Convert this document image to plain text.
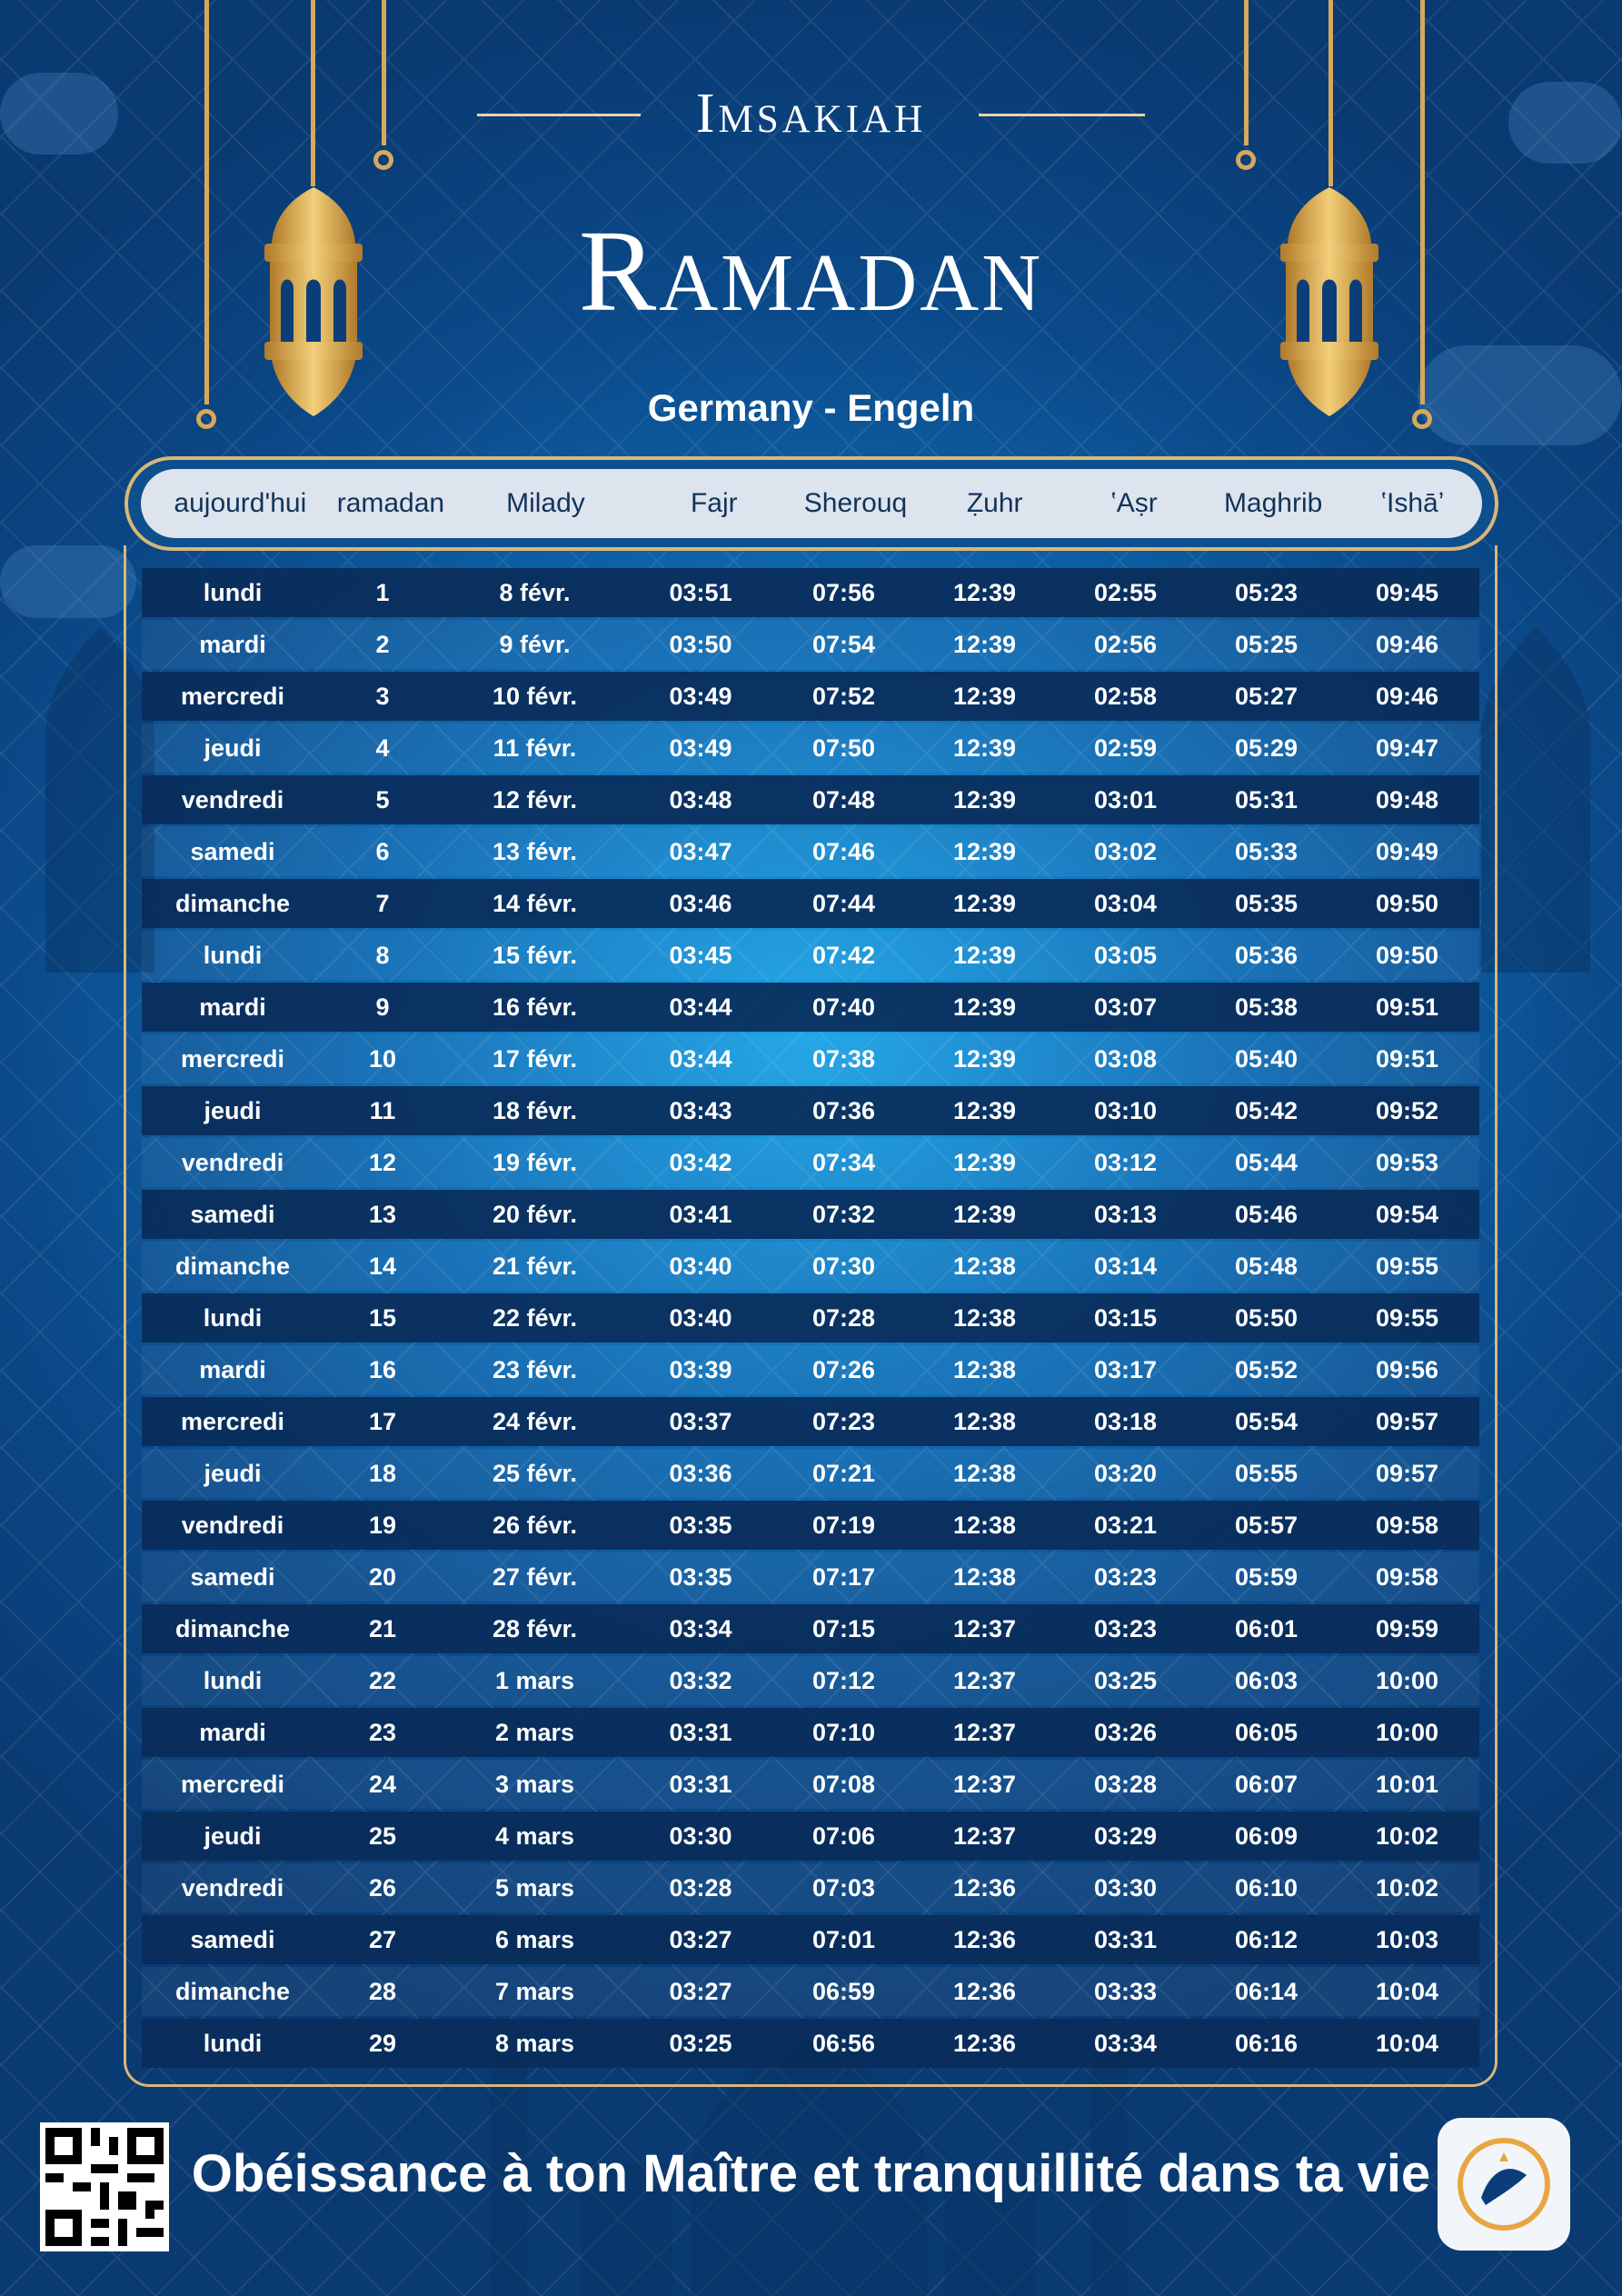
Imsakiah
Ramadan
Germany - Engeln
aujourd'hui	ramadan	Milady	Fajr	Sherouq	Ẓuhr	ʽAṣr	Maghrib	ʽIshāʼ
lundi	1	8 févr.	03:51	07:56	12:39	02:55	05:23	09:45
mardi	2	9 févr.	03:50	07:54	12:39	02:56	05:25	09:46
mercredi	3	10 févr.	03:49	07:52	12:39	02:58	05:27	09:46
jeudi	4	11 févr.	03:49	07:50	12:39	02:59	05:29	09:47
vendredi	5	12 févr.	03:48	07:48	12:39	03:01	05:31	09:48
samedi	6	13 févr.	03:47	07:46	12:39	03:02	05:33	09:49
dimanche	7	14 févr.	03:46	07:44	12:39	03:04	05:35	09:50
lundi	8	15 févr.	03:45	07:42	12:39	03:05	05:36	09:50
mardi	9	16 févr.	03:44	07:40	12:39	03:07	05:38	09:51
mercredi	10	17 févr.	03:44	07:38	12:39	03:08	05:40	09:51
jeudi	11	18 févr.	03:43	07:36	12:39	03:10	05:42	09:52
vendredi	12	19 févr.	03:42	07:34	12:39	03:12	05:44	09:53
samedi	13	20 févr.	03:41	07:32	12:39	03:13	05:46	09:54
dimanche	14	21 févr.	03:40	07:30	12:38	03:14	05:48	09:55
lundi	15	22 févr.	03:40	07:28	12:38	03:15	05:50	09:55
mardi	16	23 févr.	03:39	07:26	12:38	03:17	05:52	09:56
mercredi	17	24 févr.	03:37	07:23	12:38	03:18	05:54	09:57
jeudi	18	25 févr.	03:36	07:21	12:38	03:20	05:55	09:57
vendredi	19	26 févr.	03:35	07:19	12:38	03:21	05:57	09:58
samedi	20	27 févr.	03:35	07:17	12:38	03:23	05:59	09:58
dimanche	21	28 févr.	03:34	07:15	12:37	03:23	06:01	09:59
lundi	22	1 mars	03:32	07:12	12:37	03:25	06:03	10:00
mardi	23	2 mars	03:31	07:10	12:37	03:26	06:05	10:00
mercredi	24	3 mars	03:31	07:08	12:37	03:28	06:07	10:01
jeudi	25	4 mars	03:30	07:06	12:37	03:29	06:09	10:02
vendredi	26	5 mars	03:28	07:03	12:36	03:30	06:10	10:02
samedi	27	6 mars	03:27	07:01	12:36	03:31	06:12	10:03
dimanche	28	7 mars	03:27	06:59	12:36	03:33	06:14	10:04
lundi	29	8 mars	03:25	06:56	12:36	03:34	06:16	10:04
Obéissance à ton Maître et tranquillité dans ta vie
